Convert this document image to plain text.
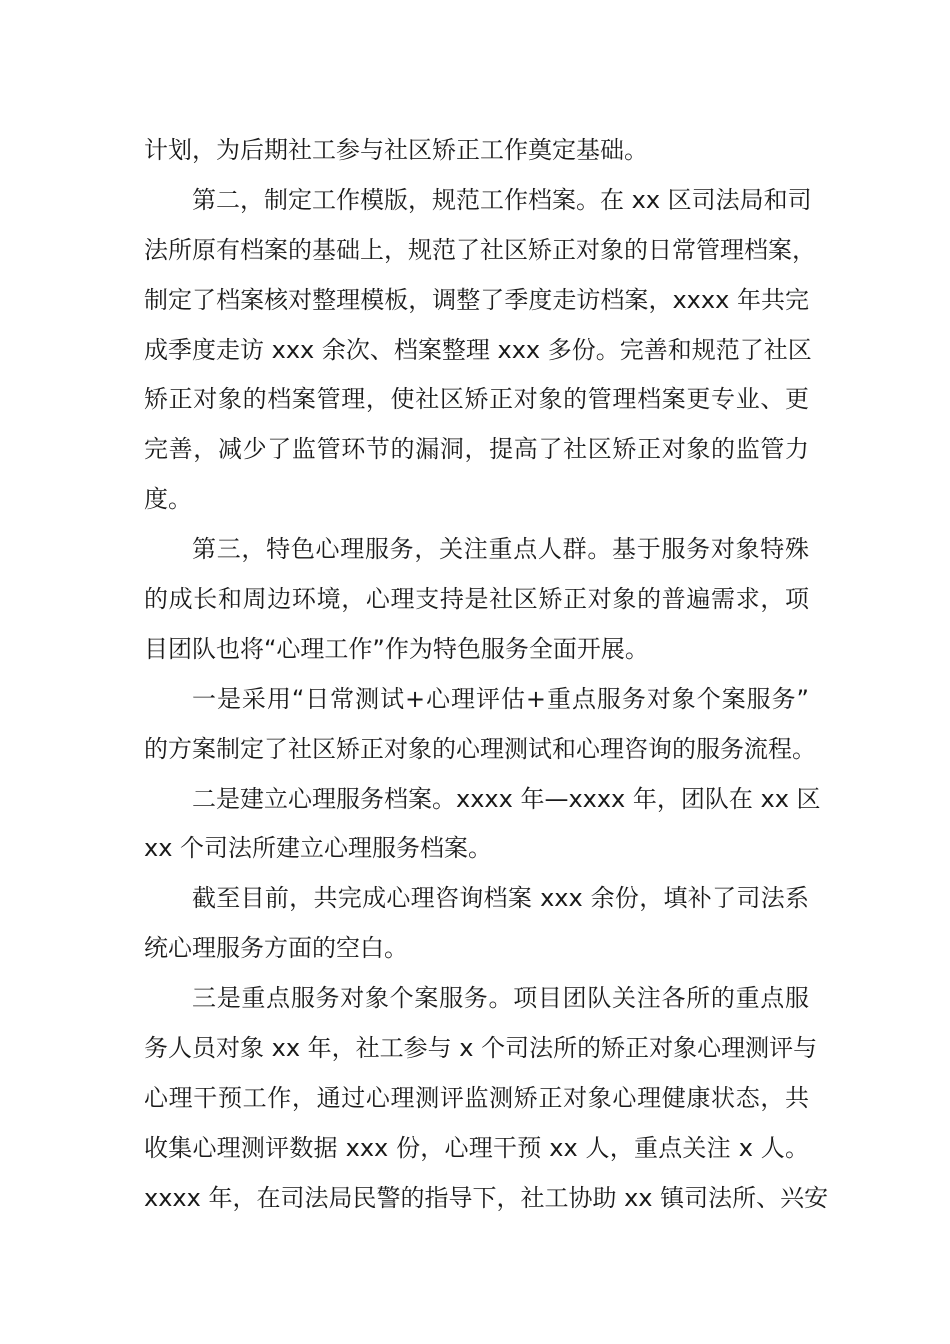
计划，为后期社工参与社区矫正工作奠定基础。
第二，制定工作模版，规范工作档案。在 xx 区司法局和司
法所原有档案的基础上，规范了社区矫正对象的日常管理档案，
制定了档案核对整理模板，调整了季度走访档案，xxxx 年共完
成季度走访 xxx 余次、档案整理 xxx 多份。完善和规范了社区
矫正对象的档案管理，使社区矫正对象的管理档案更专业、更
完善，减少了监管环节的漏洞，提高了社区矫正对象的监管力
度。
第三，特色心理服务，关注重点人群。基于服务对象特殊
的成长和周边环境，心理支持是社区矫正对象的普遍需求，项
目团队也将“心理工作”作为特色服务全面开展。
一是采用“日常测试+心理评估+重点服务对象个案服务”
的方案制定了社区矫正对象的心理测试和心理咨询的服务流程。
二是建立心理服务档案。xxxx 年—xxxx 年，团队在 xx 区
xx 个司法所建立心理服务档案。
截至目前，共完成心理咨询档案 xxx 余份，填补了司法系
统心理服务方面的空白。
三是重点服务对象个案服务。项目团队关注各所的重点服
务人员对象 xx 年，社工参与 x 个司法所的矫正对象心理测评与
心理干预工作，通过心理测评监测矫正对象心理健康状态，共
收集心理测评数据 xxx 份，心理干预 xx 人，重点关注 x 人。
xxxx 年，在司法局民警的指导下，社工协助 xx 镇司法所、兴安
